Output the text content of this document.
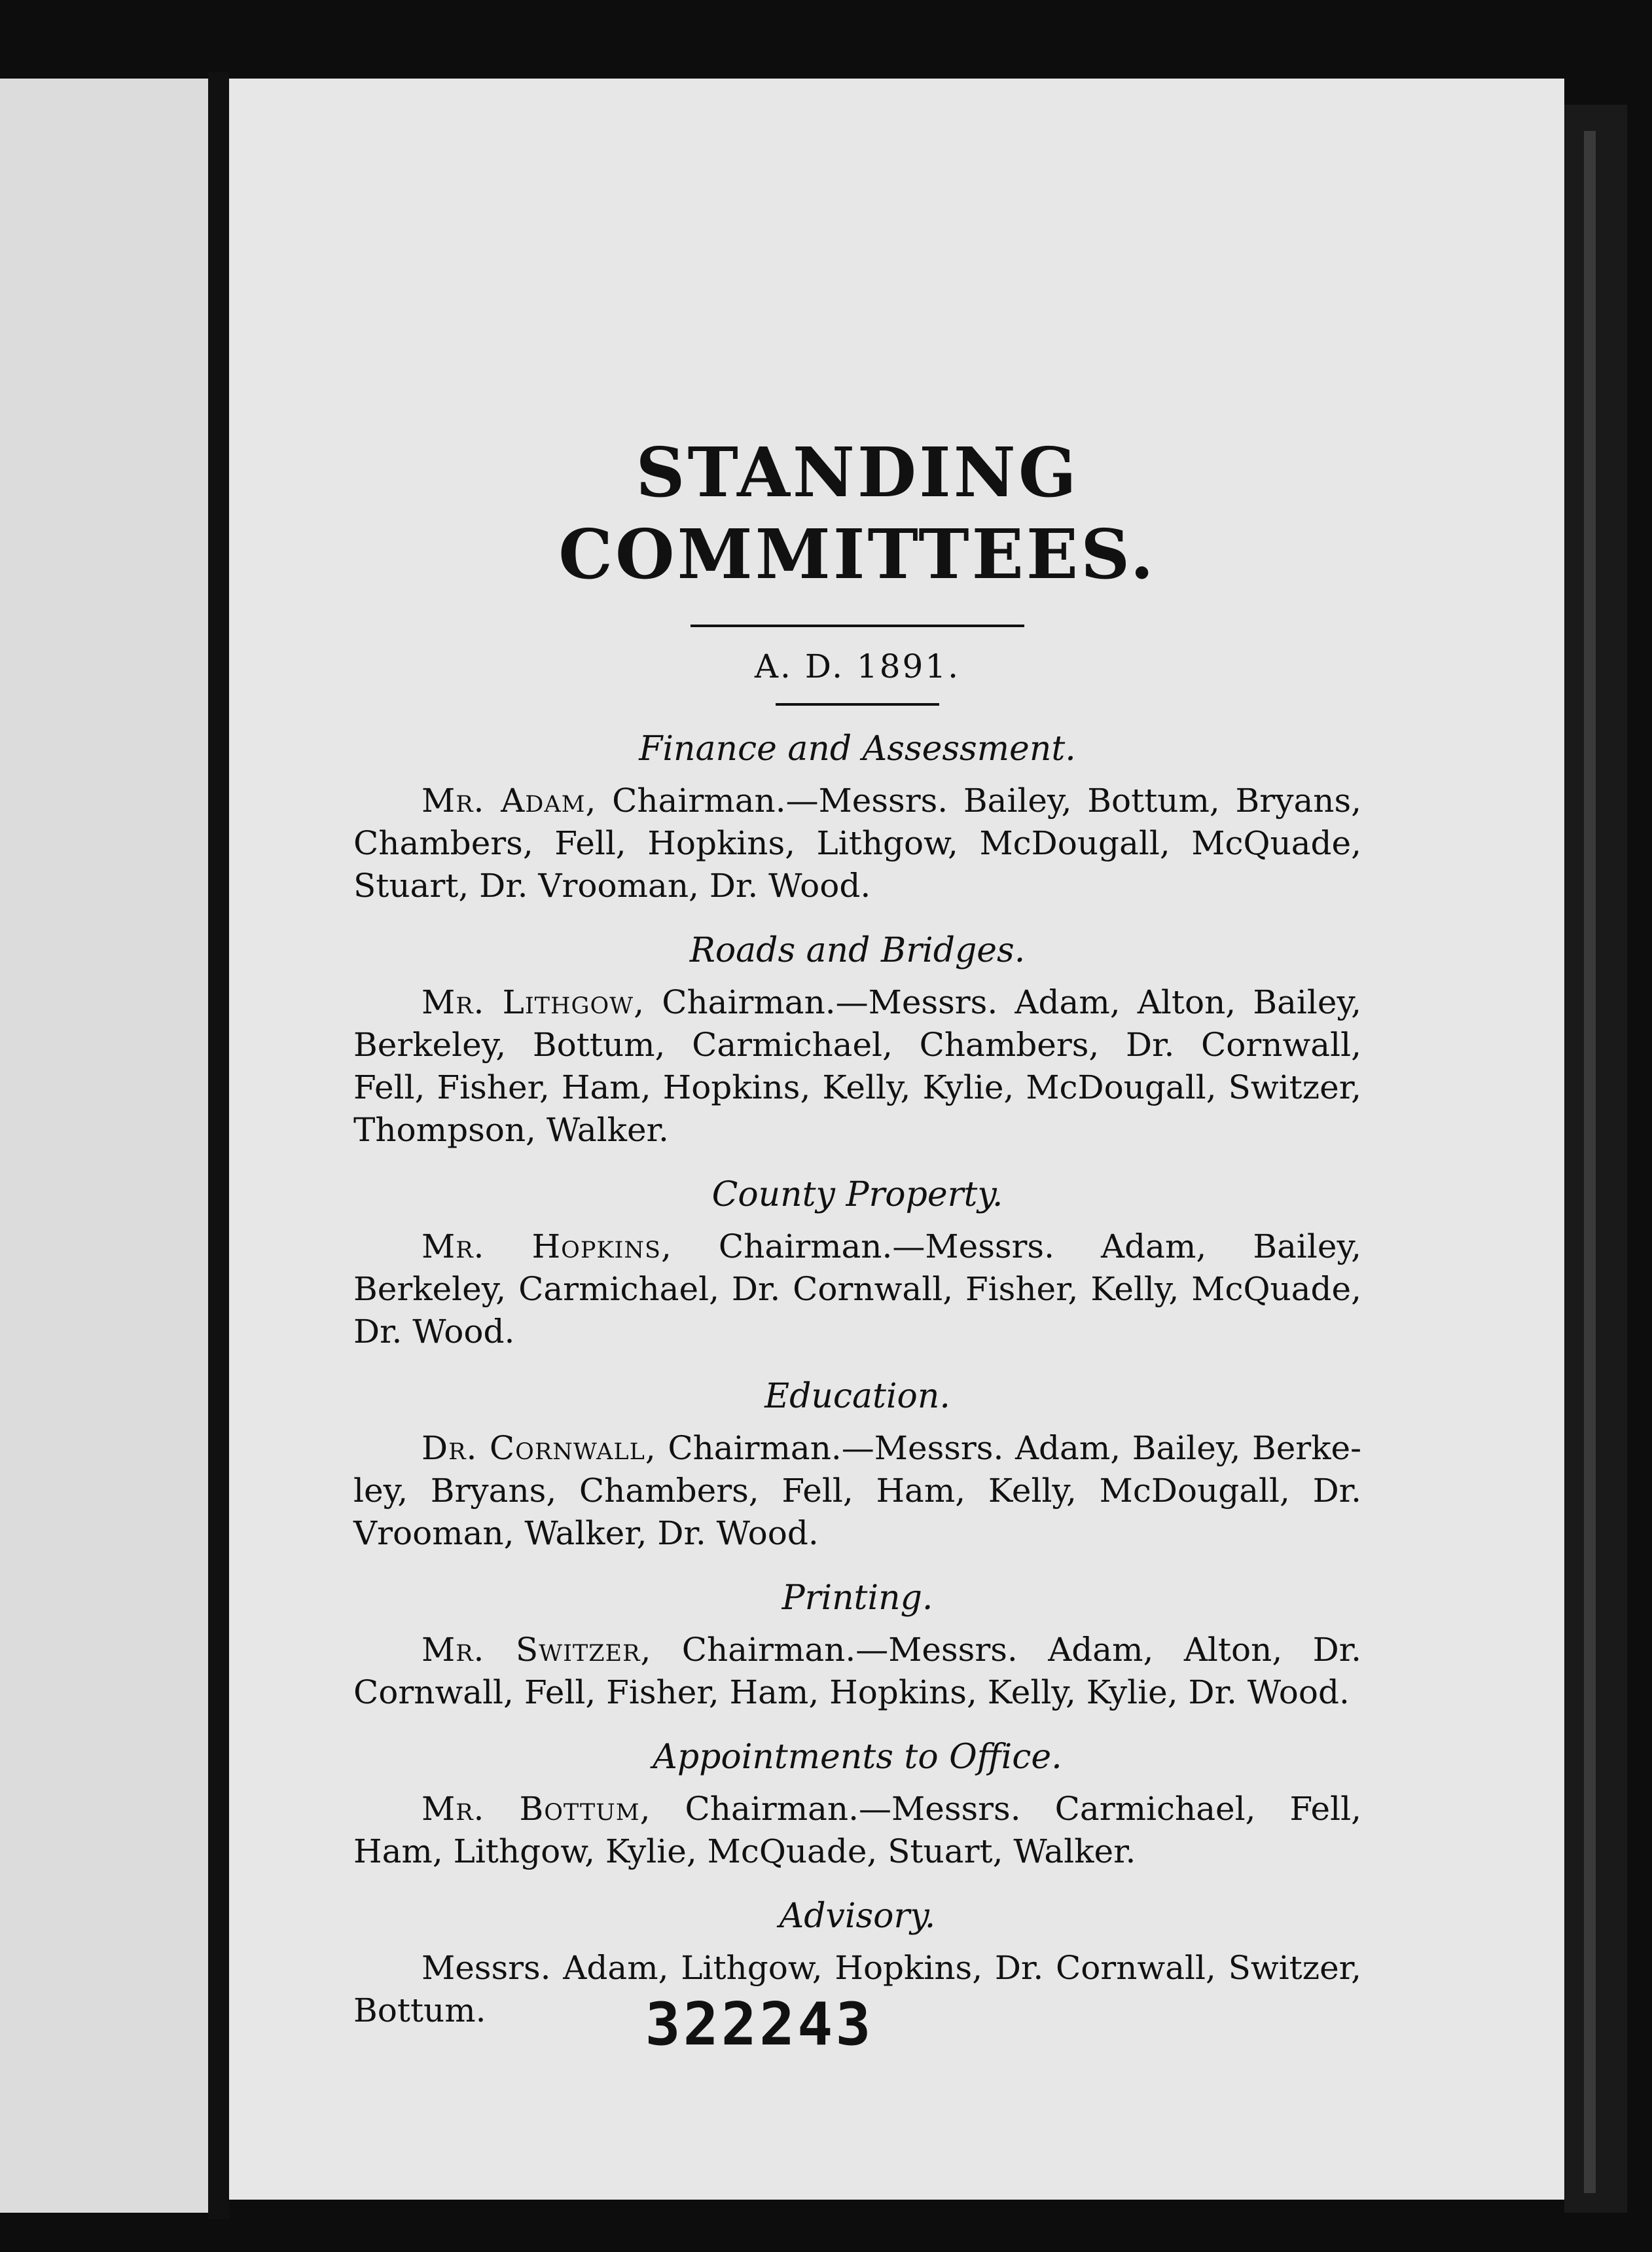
STANDING COMMITTEES.
A. D. 1891.

Finance and Assessment.

Mr. Adam, Chairman.—Messrs. Bailey, Bottum, Bryans, Chambers, Fell, Hopkins, Lithgow, McDougall, McQuade, Stuart, Dr. Vrooman, Dr. Wood.

Roads and Bridges.

Mr. Lithgow, Chairman.—Messrs. Adam, Alton, Bailey, Berkeley, Bottum, Carmichael, Chambers, Dr. Cornwall, Fell, Fisher, Ham, Hopkins, Kelly, Kylie, McDougall, Switzer, Thompson, Walker.

County Property.

Mr. Hopkins, Chairman.—Messrs. Adam, Bailey, Berkeley, Carmichael, Dr. Cornwall, Fisher, Kelly, McQuade, Dr. Wood.

Education.

Dr. Cornwall, Chairman.—Messrs. Adam, Bailey, Berkeley, Bryans, Chambers, Fell, Ham, Kelly, McDougall, Dr. Vrooman, Walker, Dr. Wood.

Printing.

Mr. Switzer, Chairman.—Messrs. Adam, Alton, Dr. Cornwall, Fell, Fisher, Ham, Hopkins, Kelly, Kylie, Dr. Wood.

Appointments to Office.

Mr. Bottum, Chairman.—Messrs. Carmichael, Fell, Ham, Lithgow, Kylie, McQuade, Stuart, Walker.

Advisory.

Messrs. Adam, Lithgow, Hopkins, Dr. Cornwall, Switzer, Bottum.	322243
